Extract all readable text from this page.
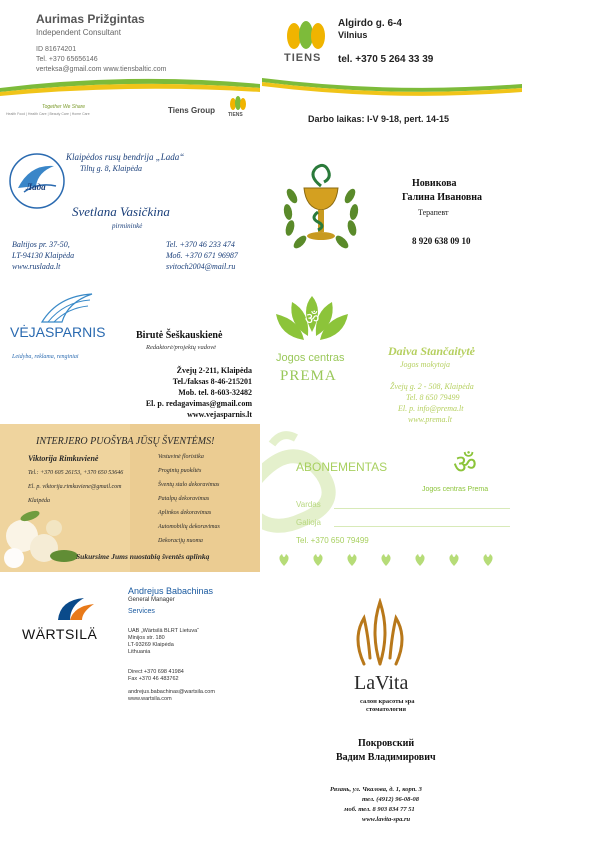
Aurimas Prižgintas
Independent Consultant
ID 81674201
Tel. +370 65656146
verteksa@gmail.com www.tiensbaltic.com
Together We Share
Health Food | Health Care | Beauty Care | Home Care	Tiens Group	TIENS
TIENS
Algirdo g. 6-4
Vilnius
tel. +370 5 264 33 39
Darbo laikas: I-V 9-18, pert. 14-15
Лада
Klaipėdos rusų bendrija „Lada“
Tiltų g. 8, Klaipėda
Svetlana Vasičkina
pirmininkė
Baltijos pr. 37-50,
LT-94130 Klaipėda
www.ruslada.lt
Tel. +370 46 233 474
Моб. +370 671 96987
svitoch2004@mail.ru
Новикова
Галина Ивановна
Терапевт
8 920 638 09 10
VĖJASPARNIS
Leidyba, reklama, renginiai
Birutė Šeškauskienė
Redaktorė/projektų vadovė
Žvejų 2-211, Klaipėda
Tel./faksas 8-46-215201
Mob. tel. 8-603-32482
El. p. redagavimas@gmail.com
www.vejasparnis.lt
ॐ
Jogos centras
PREMA
Daiva Stančaitytė
Jogos mokytoja
Žvejų g. 2 - 508, Klaipėda
Tel. 8 650 79499
El. p. info@prema.lt
www.prema.lt
INTERJERO PUOŠYBA JŪSŲ ŠVENTĖMS!
Viktorija Rimkuvienė
Tel.: +370 605 26153, +370 650 53646
El. p. viktorija.rimkuviene@gmail.com
Klaipėda
Vestuvinė floristika
Proginių puokštės
Šventų stalo dekoravimas
Patalpų dekoravimas
Aplinkos dekoravimas
Automobilių dekoravimas
Dekoracijų nuoma
Sukursime Jums nuostabią šventės aplinką
ABONEMENTAS	ॐ
Jogos centras Prema
Vardas
Galioja
Tel. +370 650 79499
WÄRTSILÄ
Andrejus Babachinas
General Manager
Services
UAB „Wärtsilä BLRT Lietuva“
Minijos str. 180
LT-93269 Klaipėda
Lithuania
Direct +370 698 41984
Fax +370 46 483762
andrejus.babachinas@wartsila.com
www.wartsila.com
LaVita
салон красоты spa
стоматология
Покровский
Вадим Владимирович
Рязань, ул. Чкалова, д. 1, корп. 3
тел. (4912) 96-08-08
моб. тел. 8 903 834 77 51
www.lavita-spa.ru
